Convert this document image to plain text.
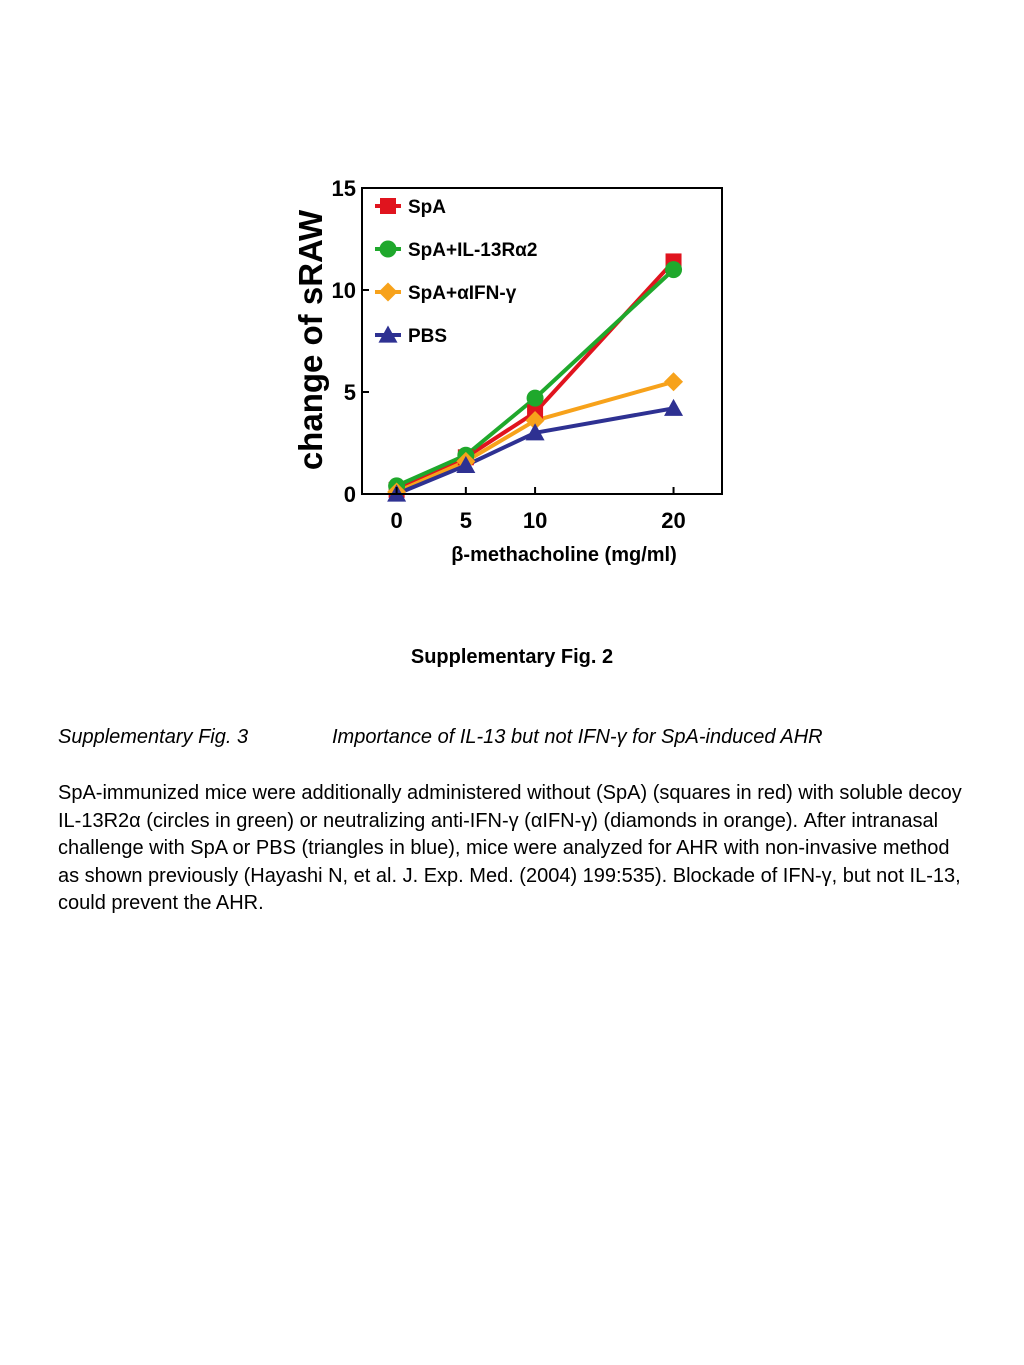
0
5
10
15
0	5 10	20
β-methacholine (mg/ml)
change of sRAW
SpA
SpA+IL-13Rα2
SpA+αIFN-γ
PBS

Supplementary Fig. 2

Supplementary Fig. 3	Importance of IL-13 but not IFN-γ for SpA-induced AHR

SpA-immunized mice were additionally administered without (SpA) (squares in red) with soluble decoy IL-13R2α (circles in green) or neutralizing anti-IFN-γ (αIFN-γ) (diamonds in orange). After intranasal challenge with SpA or PBS (triangles in blue), mice were analyzed for AHR with non-invasive method as shown previously (Hayashi N, et al. J. Exp. Med. (2004) 199:535). Blockade of IFN-γ, but not IL-13, could prevent the AHR.
